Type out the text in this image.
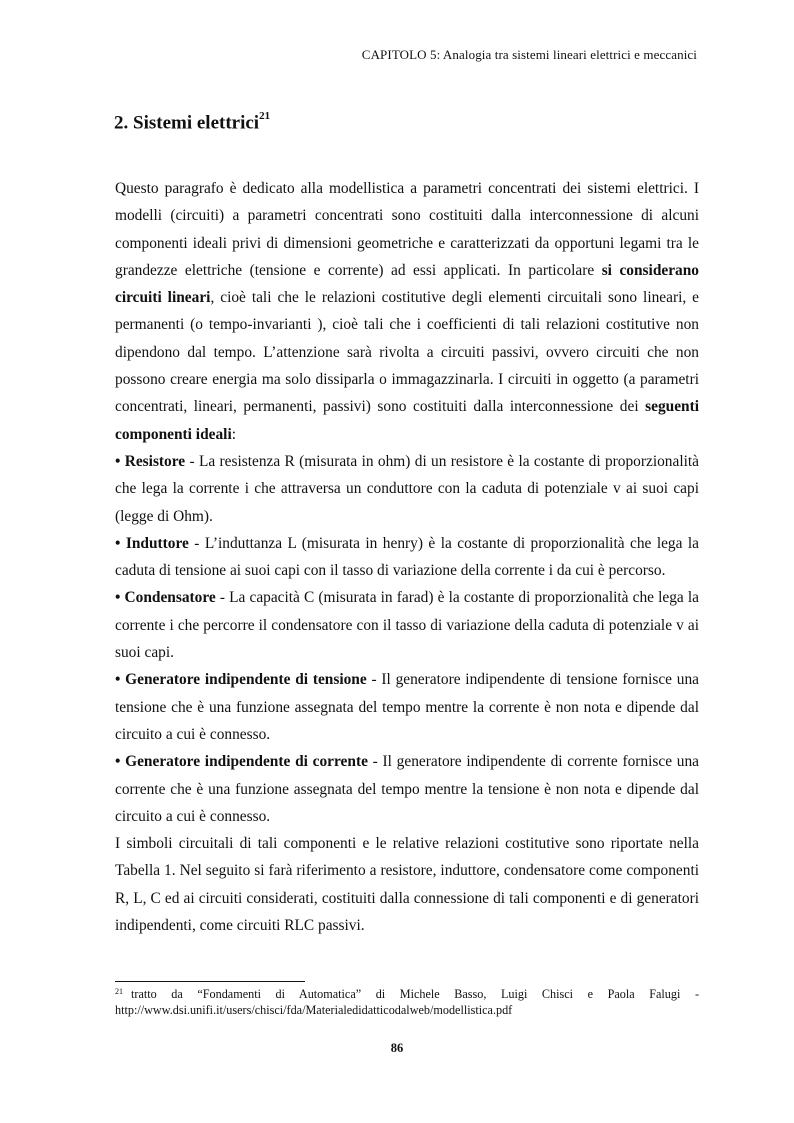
CAPITOLO 5: Analogia tra sistemi lineari elettrici e meccanici
2. Sistemi elettrici$^{21}$

Questo paragrafo è dedicato alla modellistica a parametri concentrati dei sistemi elettrici. I modelli (circuiti) a parametri concentrati sono costituiti dalla interconnessione di alcuni componenti ideali privi di dimensioni geometriche e caratterizzati da opportuni legami tra le grandezze elettriche (tensione e corrente) ad essi applicati. In particolare si considerano circuiti lineari, cioè tali che le relazioni costitutive degli elementi circuitali sono lineari, e permanenti (o tempo-invarianti ), cioè tali che i coefficienti di tali relazioni costitutive non dipendono dal tempo. L’attenzione sarà rivolta a circuiti passivi, ovvero circuiti che non possono creare energia ma solo dissiparla o immagazzinarla. I circuiti in oggetto (a parametri concentrati, lineari, permanenti, passivi) sono costituiti dalla interconnessione dei seguenti componenti ideali:

• Resistore - La resistenza R (misurata in ohm) di un resistore è la costante di proporzionalità che lega la corrente i che attraversa un conduttore con la caduta di potenziale v ai suoi capi (legge di Ohm).

• Induttore - L’induttanza L (misurata in henry) è la costante di proporzionalità che lega la caduta di tensione ai suoi capi con il tasso di variazione della corrente i da cui è percorso.

• Condensatore - La capacità C (misurata in farad) è la costante di proporzionalità che lega la corrente i che percorre il condensatore con il tasso di variazione della caduta di potenziale v ai suoi capi.

• Generatore indipendente di tensione - Il generatore indipendente di tensione fornisce una tensione che è una funzione assegnata del tempo mentre la corrente è non nota e dipende dal circuito a cui è connesso.

• Generatore indipendente di corrente - Il generatore indipendente di corrente fornisce una corrente che è una funzione assegnata del tempo mentre la tensione è non nota e dipende dal circuito a cui è connesso.

I simboli circuitali di tali componenti e le relative relazioni costitutive sono riportate nella Tabella 1. Nel seguito si farà riferimento a resistore, induttore, condensatore come componenti R, L, C ed ai circuiti considerati, costituiti dalla connessione di tali componenti e di generatori indipendenti, come circuiti RLC passivi.

$^{21}$ tratto da “Fondamenti di Automatica” di Michele Basso, Luigi Chisci e Paola Falugi - http://www.dsi.unifi.it/users/chisci/fda/Materialedidatticodalweb/modellistica.pdf
86
